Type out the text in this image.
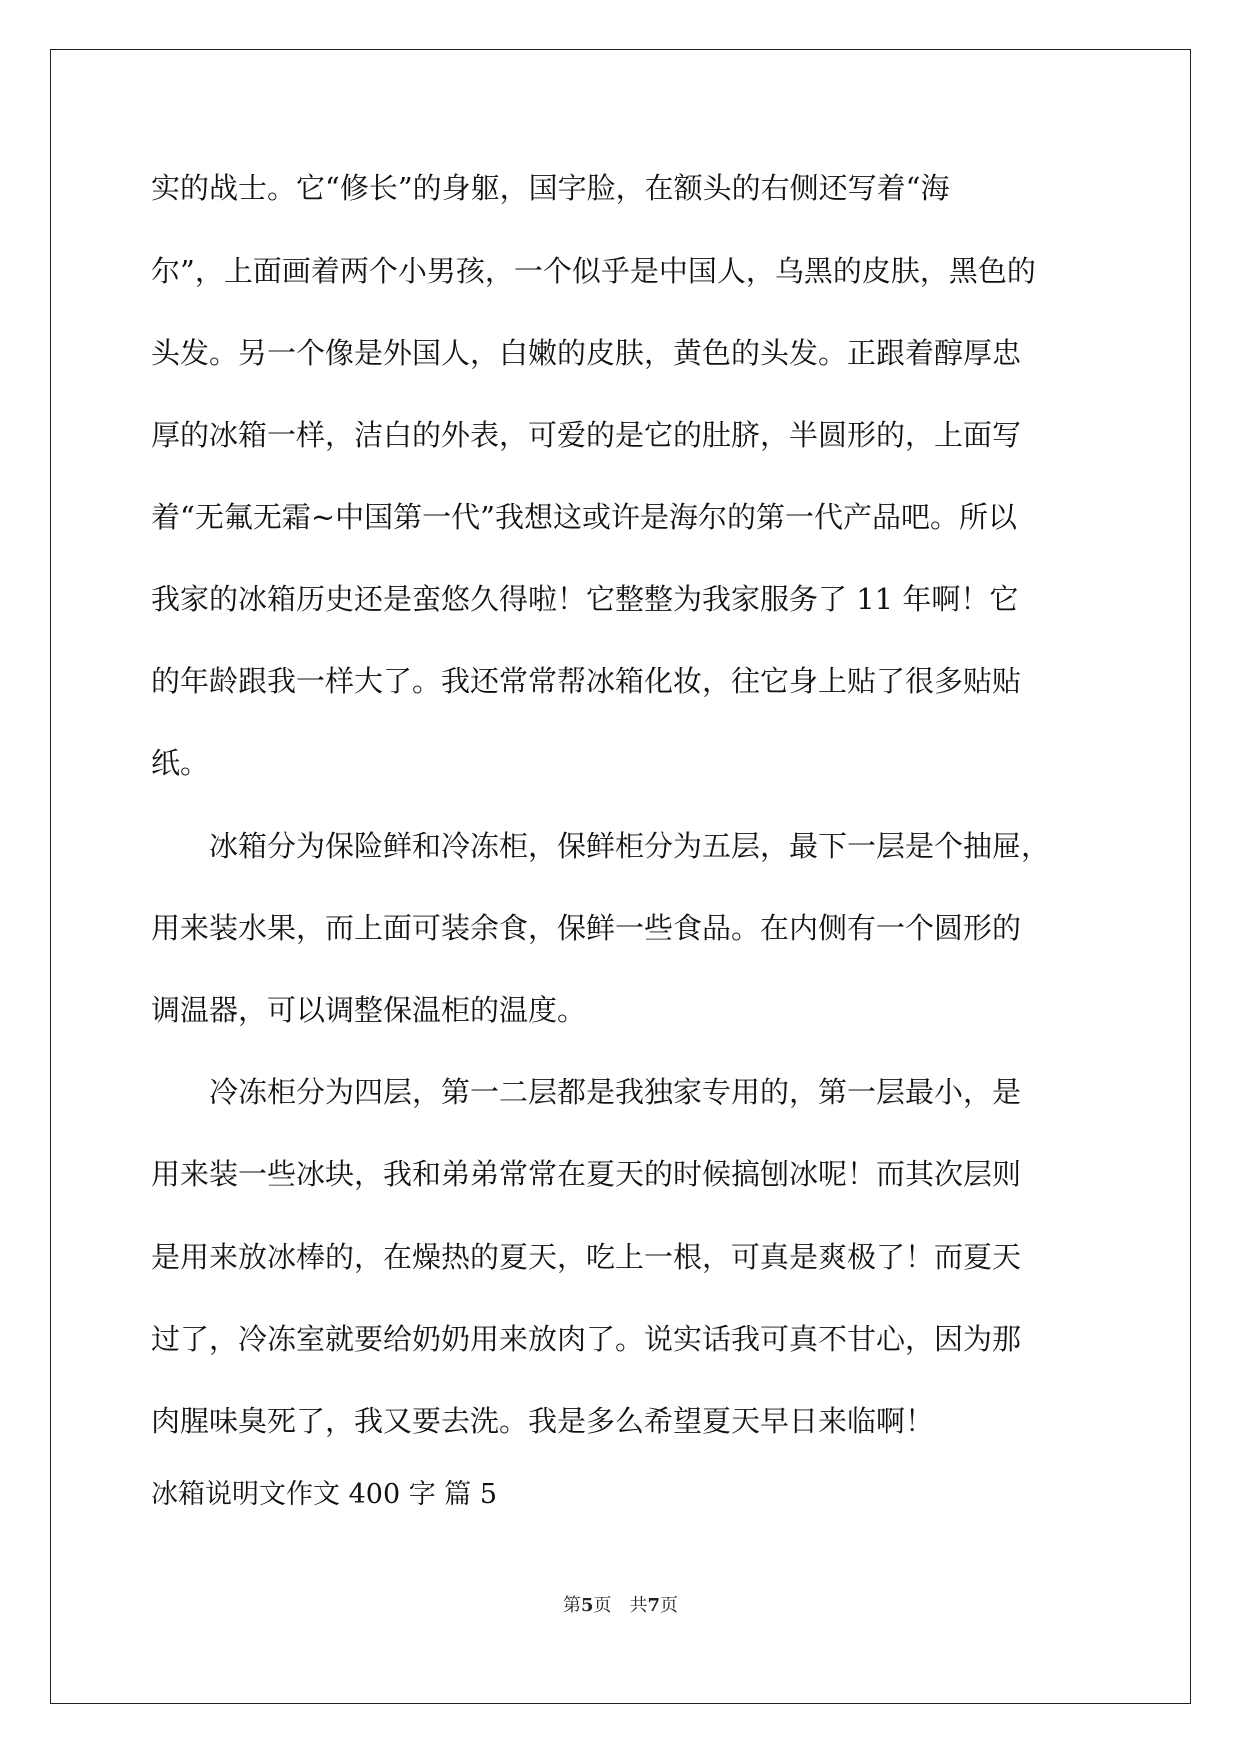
实的战士。它“修长”的身躯，国字脸，在额头的右侧还写着“海
尔”，上面画着两个小男孩，一个似乎是中国人，乌黑的皮肤，黑色的
头发。另一个像是外国人，白嫩的皮肤，黄色的头发。正跟着醇厚忠
厚的冰箱一样，洁白的外表，可爱的是它的肚脐，半圆形的，上面写
着“无氟无霜~中国第一代”我想这或许是海尔的第一代产品吧。所以
我家的冰箱历史还是蛮悠久得啦！它整整为我家服务了 11 年啊！它
的年龄跟我一样大了。我还常常帮冰箱化妆，往它身上贴了很多贴贴
纸。
　　冰箱分为保险鲜和冷冻柜，保鲜柜分为五层，最下一层是个抽屉，
用来装水果，而上面可装余食，保鲜一些食品。在内侧有一个圆形的
调温器，可以调整保温柜的温度。
　　冷冻柜分为四层，第一二层都是我独家专用的，第一层最小，是
用来装一些冰块，我和弟弟常常在夏天的时候搞刨冰呢！而其次层则
是用来放冰棒的，在燥热的夏天，吃上一根，可真是爽极了！而夏天
过了，冷冻室就要给奶奶用来放肉了。说实话我可真不甘心，因为那
肉腥味臭死了，我又要去洗。我是多么希望夏天早日来临啊！
冰箱说明文作文 400 字 篇 5
第5页　共7页
